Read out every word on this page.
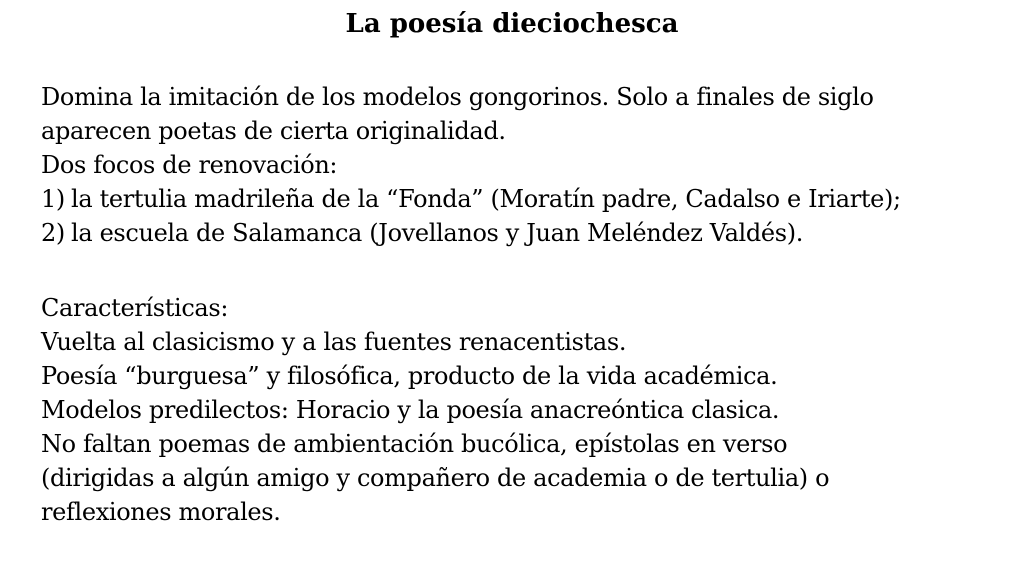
La poesía dieciochesca
Domina la imitación de los modelos gongorinos. Solo a finales de siglo
aparecen poetas de cierta originalidad.
Dos focos de renovación:
1) la tertulia madrileña de la “Fonda” (Moratín padre, Cadalso e Iriarte);
2) la escuela de Salamanca (Jovellanos y Juan Meléndez Valdés).
Características:
Vuelta al clasicismo y a las fuentes renacentistas.
Poesía “burguesa” y filosófica, producto de la vida académica.
Modelos predilectos: Horacio y la poesía anacreóntica clasica.
No faltan poemas de ambientación bucólica, epístolas en verso
(dirigidas a algún amigo y compañero de academia o de tertulia) o
reflexiones morales.
